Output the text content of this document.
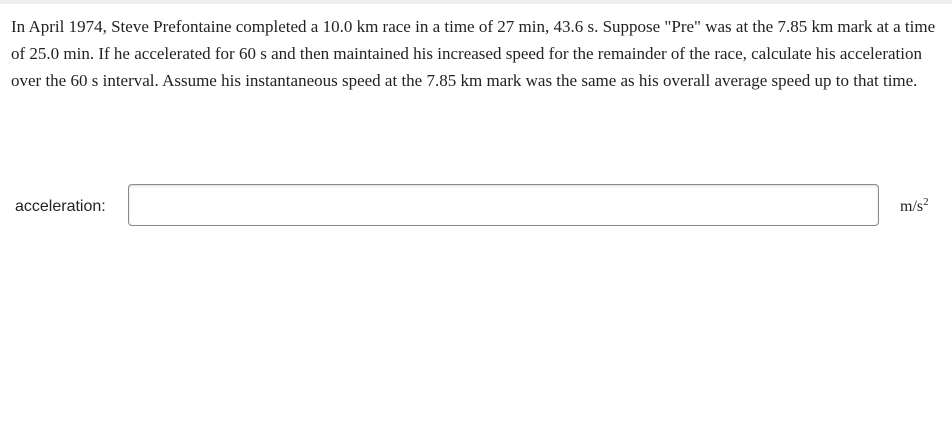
In April 1974, Steve Prefontaine completed a 10.0 km race in a time of 27 min, 43.6 s. Suppose "Pre" was at the 7.85 km mark at a time of 25.0 min. If he accelerated for 60 s and then maintained his increased speed for the remainder of the race, calculate his acceleration over the 60 s interval. Assume his instantaneous speed at the 7.85 km mark was the same as his overall average speed up to that time.

acceleration:	$m/s^2$
